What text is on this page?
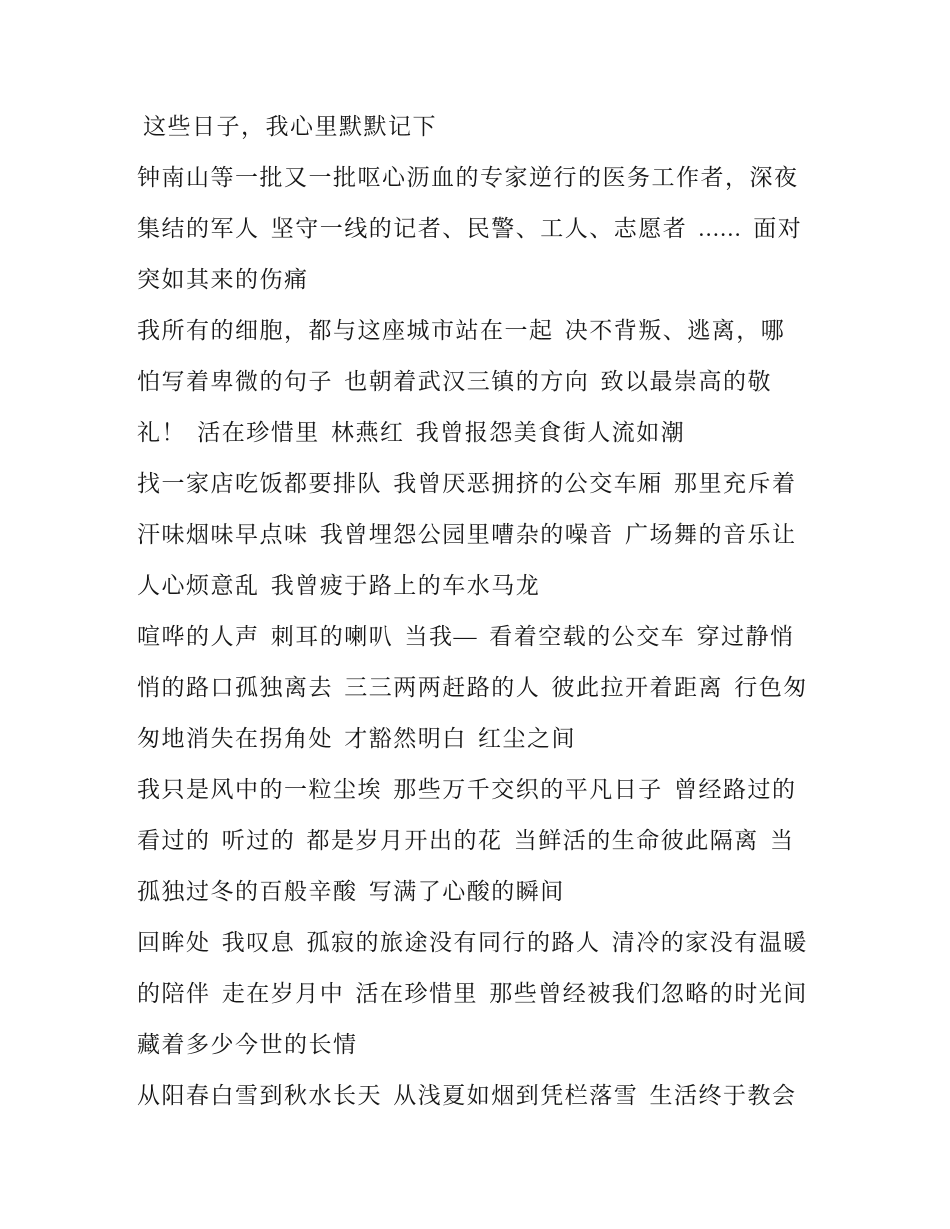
这些日子，我心里默默记下
钟南山等一批又一批呕心沥血的专家逆行的医务工作者，深夜
集结的军人 坚守一线的记者、民警、工人、志愿者 ...... 面对
突如其来的伤痛
我所有的细胞，都与这座城市站在一起 决不背叛、逃离，哪
怕写着卑微的句子 也朝着武汉三镇的方向 致以最崇高的敬
礼！ 活在珍惜里 林燕红 我曾报怨美食街人流如潮
找一家店吃饭都要排队 我曾厌恶拥挤的公交车厢 那里充斥着
汗味烟味早点味 我曾埋怨公园里嘈杂的噪音 广场舞的音乐让
人心烦意乱 我曾疲于路上的车水马龙
喧哗的人声 刺耳的喇叭 当我— 看着空载的公交车 穿过静悄
悄的路口孤独离去 三三两两赶路的人 彼此拉开着距离 行色匆
匆地消失在拐角处 才豁然明白 红尘之间
我只是风中的一粒尘埃 那些万千交织的平凡日子 曾经路过的
看过的 听过的 都是岁月开出的花 当鲜活的生命彼此隔离 当
孤独过冬的百般辛酸 写满了心酸的瞬间
回眸处 我叹息 孤寂的旅途没有同行的路人 清冷的家没有温暖
的陪伴 走在岁月中 活在珍惜里 那些曾经被我们忽略的时光间
藏着多少今世的长情
从阳春白雪到秋水长天 从浅夏如烟到凭栏落雪 生活终于教会
